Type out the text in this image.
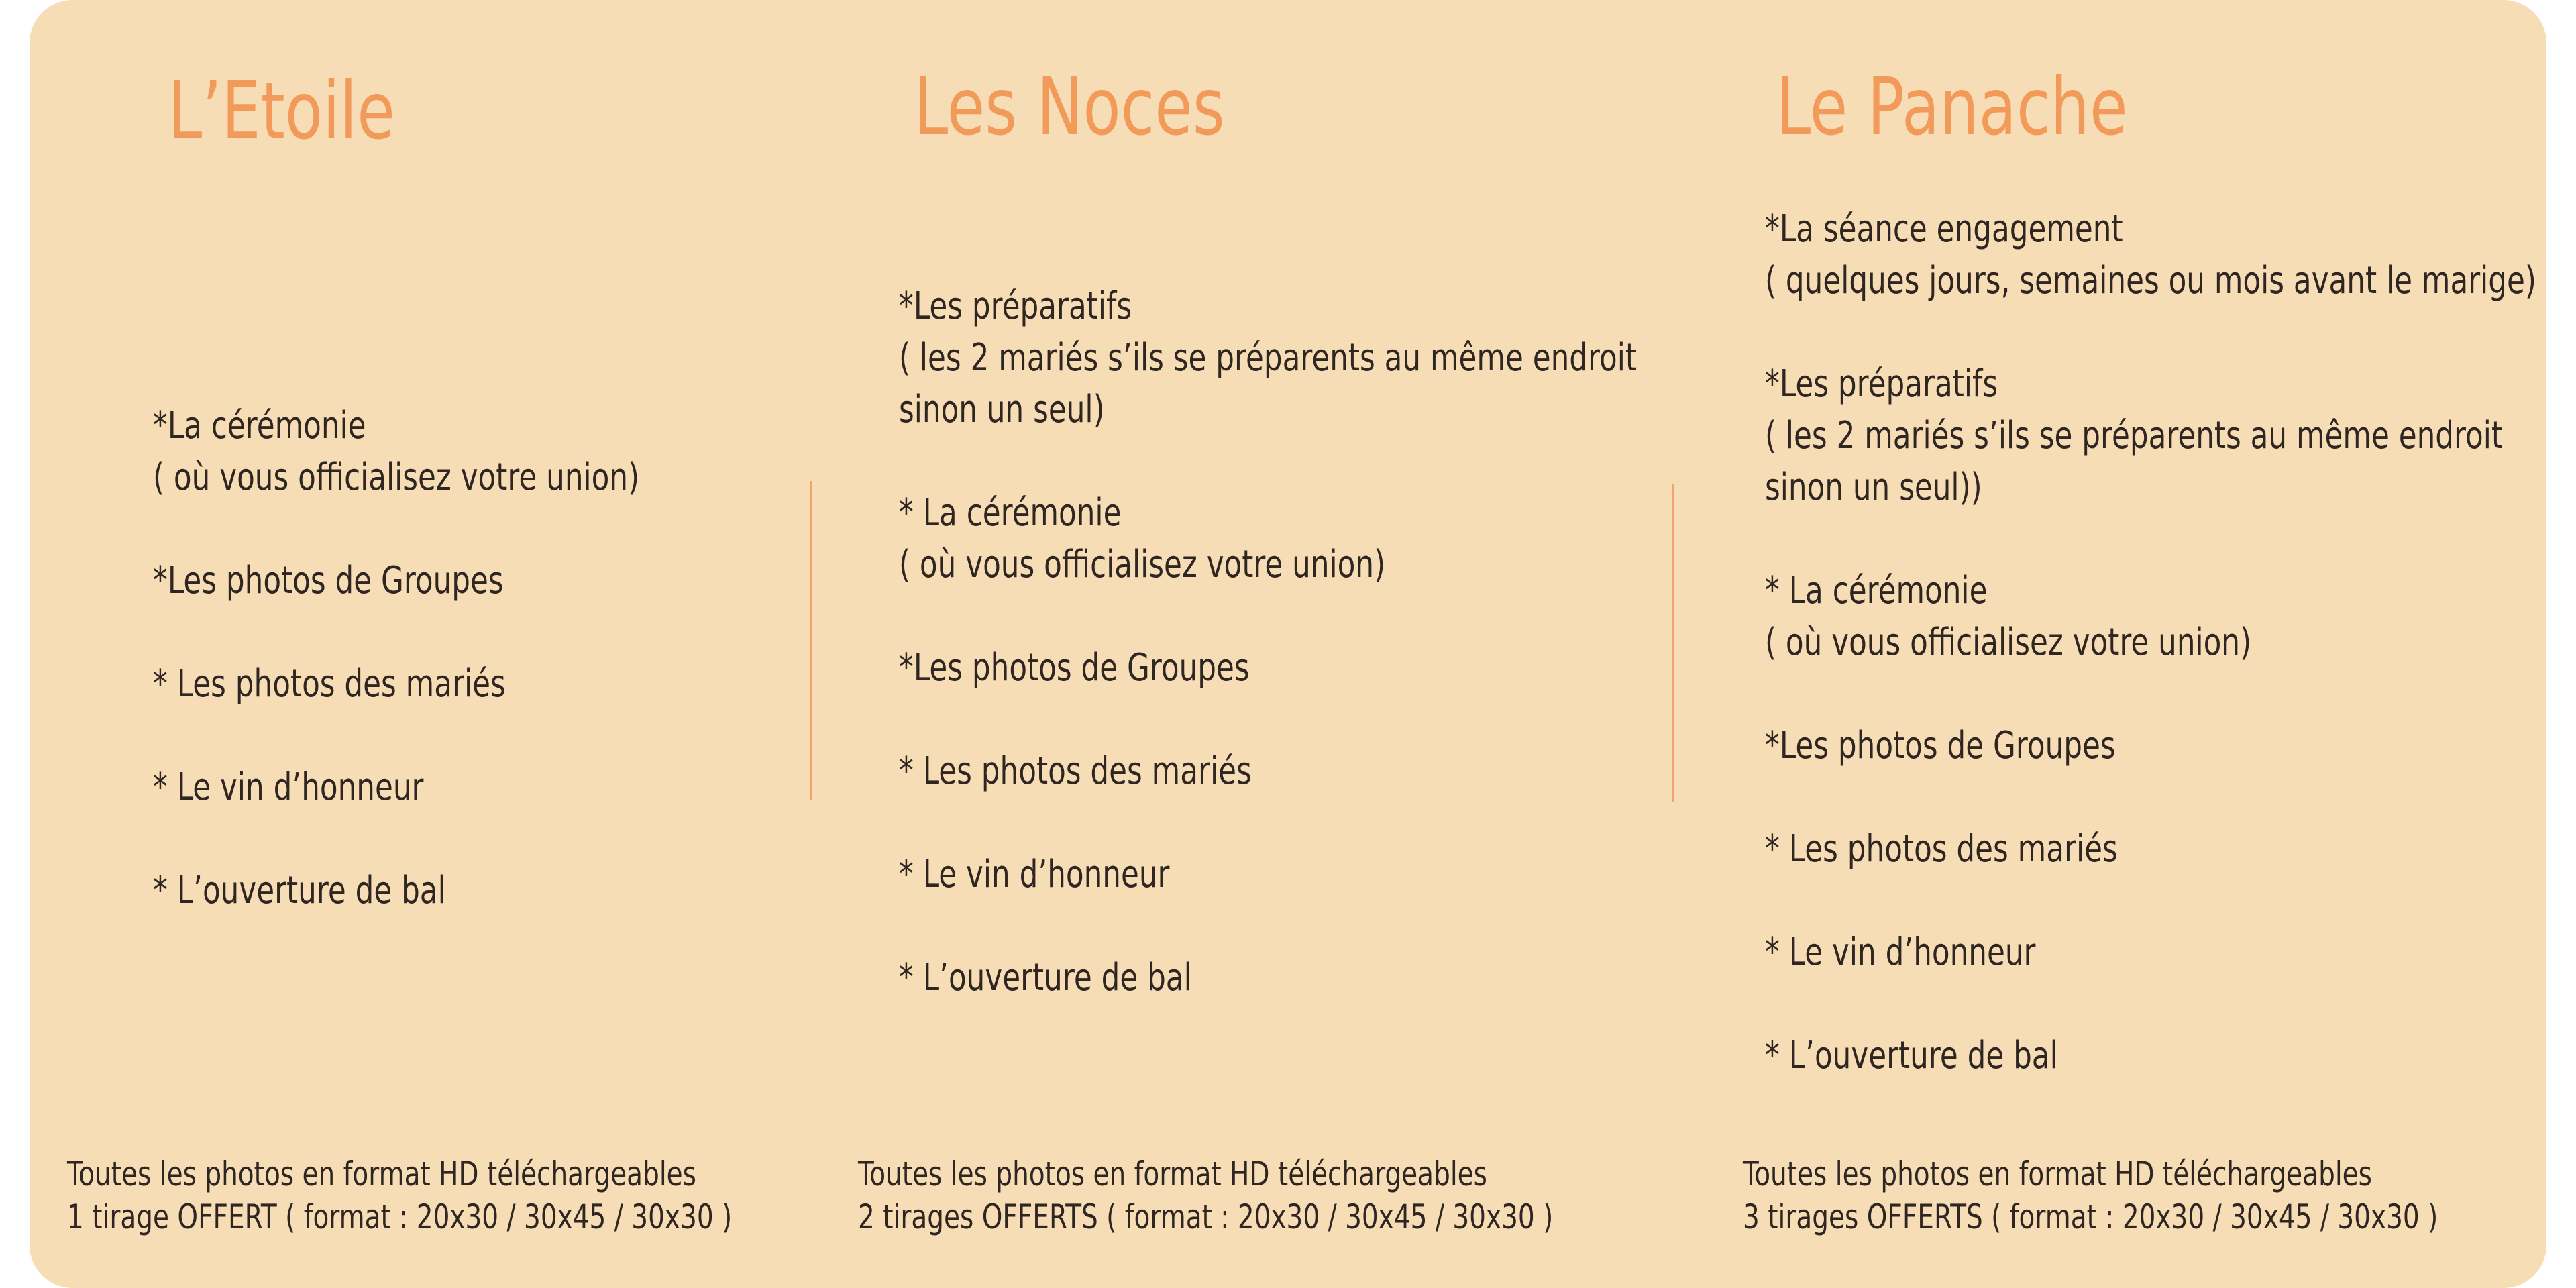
L’Etoile
*La cérémonie
( où vous officialisez votre union)
*Les photos de Groupes
* Les photos des mariés
* Le vin d’honneur
* L’ouverture de bal
Toutes les photos en format HD téléchargeables
1 tirage OFFERT ( format : 20x30 / 30x45 / 30x30 )
Les Noces
*Les préparatifs
( les 2 mariés s’ils se préparents au même endroit
sinon un seul)
* La cérémonie
( où vous officialisez votre union)
*Les photos de Groupes
* Les photos des mariés
* Le vin d’honneur
* L’ouverture de bal
Toutes les photos en format HD téléchargeables
2 tirages OFFERTS ( format : 20x30 / 30x45 / 30x30 )
Le Panache
*La séance engagement
( quelques jours, semaines ou mois avant le marige)
*Les préparatifs
( les 2 mariés s’ils se préparents au même endroit
sinon un seul))
* La cérémonie
( où vous officialisez votre union)
*Les photos de Groupes
* Les photos des mariés
* Le vin d’honneur
* L’ouverture de bal
Toutes les photos en format HD téléchargeables
3 tirages OFFERTS ( format : 20x30 / 30x45 / 30x30 )
